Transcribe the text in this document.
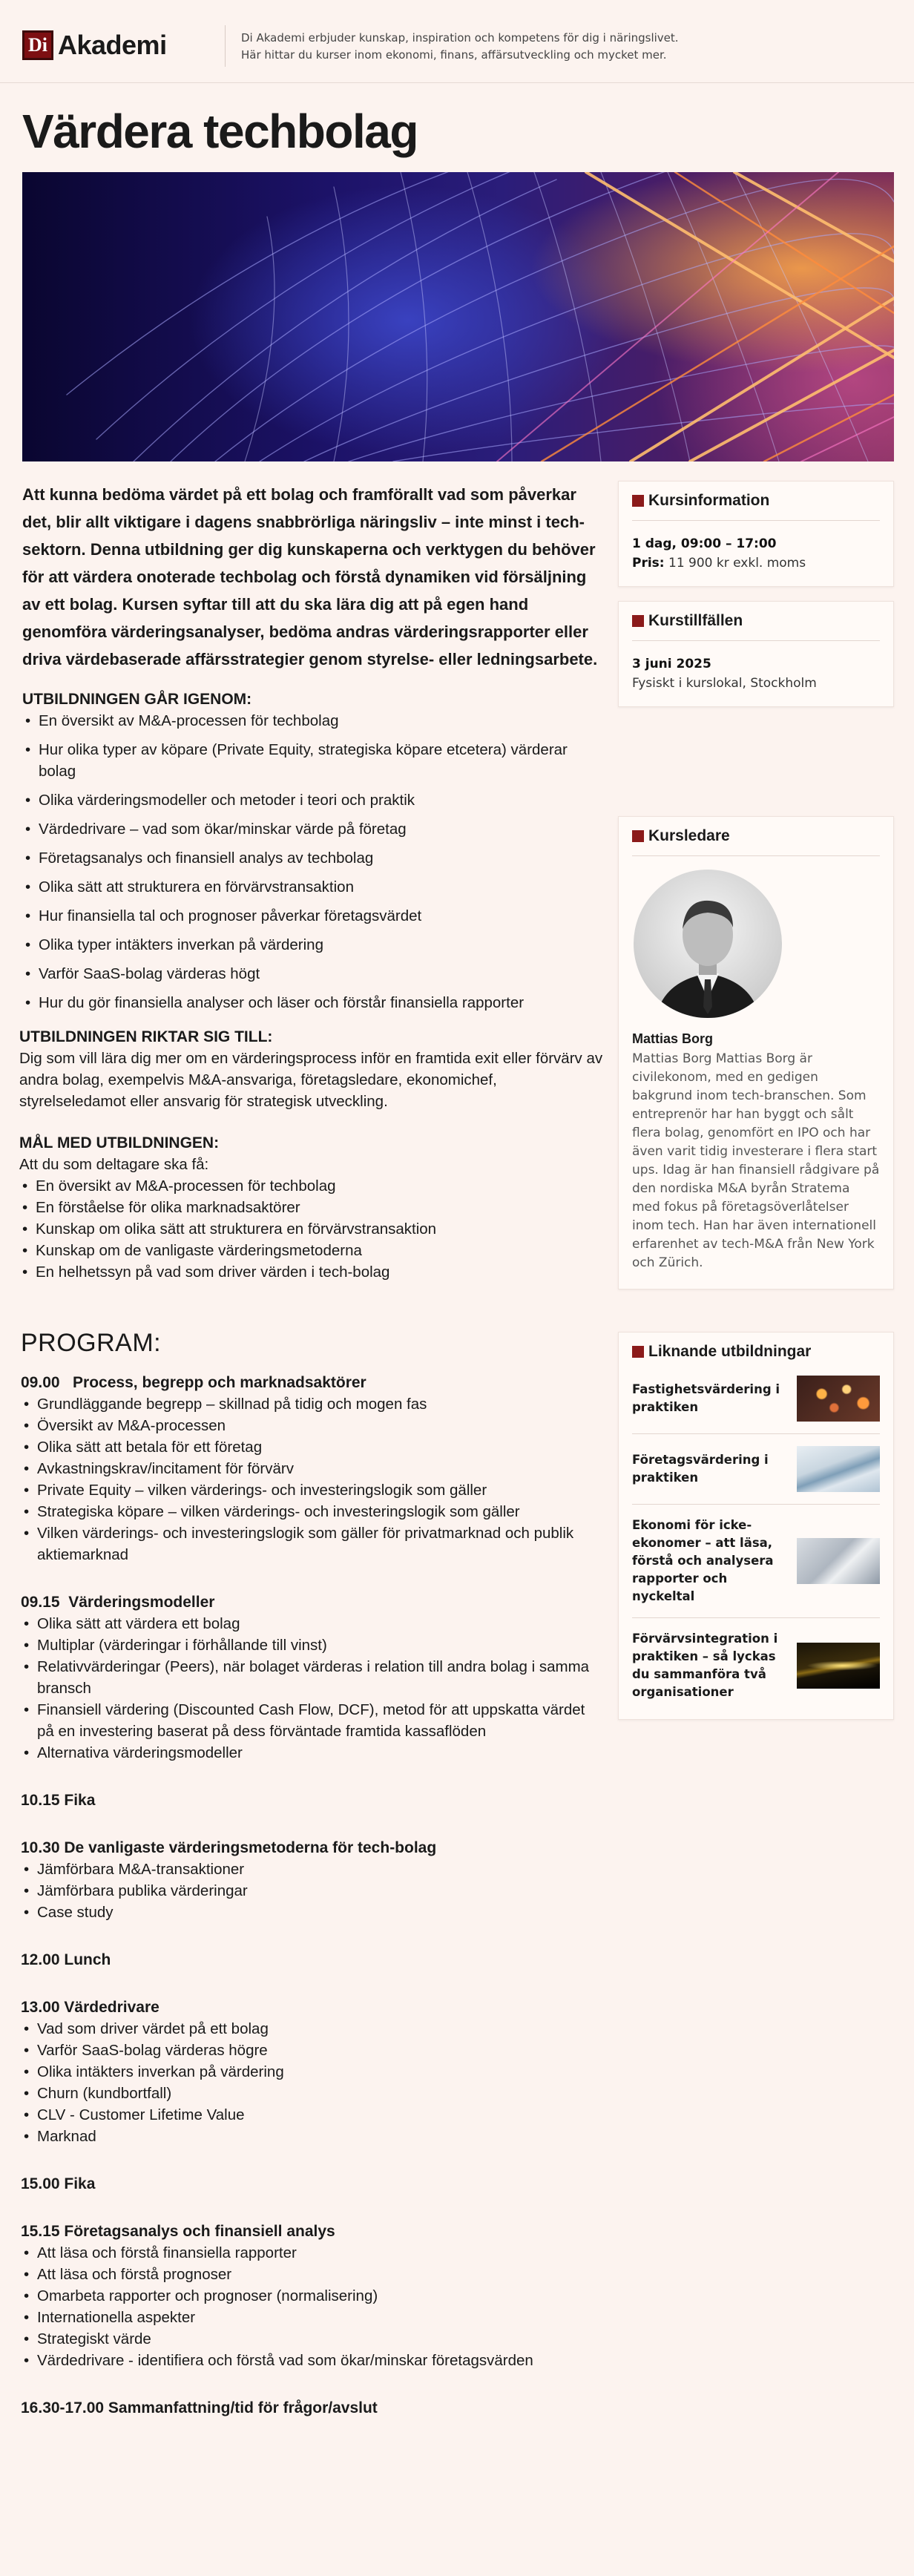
Di Akademi	Di Akademi erbjuder kunskap, inspiration och kompetens för dig i näringslivet.
Här hittar du kurser inom ekonomi, finans, affärsutveckling och mycket mer.
Värdera techbolag

Att kunna bedöma värdet på ett bolag och framförallt vad som påverkar det, blir allt viktigare i dagens snabbrörliga näringsliv – inte minst i tech-sektorn. Denna utbildning ger dig kunskaperna och verktygen du behöver för att värdera onoterade techbolag och förstå dynamiken vid försäljning av ett bolag. Kursen syftar till att du ska lära dig att på egen hand genomföra värderingsanalyser, bedöma andras värderingsrapporter eller driva värdebaserade affärsstrategier genom styrelse- eller ledningsarbete.

UTBILDNINGEN GÅR IGENOM:
• En översikt av M&A-processen för techbolag
• Hur olika typer av köpare (Private Equity, strategiska köpare etcetera) värderar bolag
• Olika värderingsmodeller och metoder i teori och praktik
• Värdedrivare – vad som ökar/minskar värde på företag
• Företagsanalys och finansiell analys av techbolag
• Olika sätt att strukturera en förvärvstransaktion
• Hur finansiella tal och prognoser påverkar företagsvärdet
• Olika typer intäkters inverkan på värdering
• Varför SaaS-bolag värderas högt
• Hur du gör finansiella analyser och läser och förstår finansiella rapporter
UTBILDNINGEN RIKTAR SIG TILL:

Dig som vill lära dig mer om en värderingsprocess inför en framtida exit eller förvärv av andra bolag, exempelvis M&A-ansvariga, företagsledare, ekonomichef, styrelseledamot eller ansvarig för strategisk utveckling.

MÅL MED UTBILDNINGEN:

Att du som deltagare ska få:

• En översikt av M&A-processen för techbolag
• En förståelse för olika marknadsaktörer
• Kunskap om olika sätt att strukturera en förvärvstransaktion
• Kunskap om de vanligaste värderingsmetoderna
• En helhetssyn på vad som driver värden i tech-bolag
PROGRAM:
09.00   Process, begrepp och marknadsaktörer
• Grundläggande begrepp – skillnad på tidig och mogen fas
• Översikt av M&A-processen
• Olika sätt att betala för ett företag
• Avkastningskrav/incitament för förvärv
• Private Equity – vilken värderings- och investeringslogik som gäller
• Strategiska köpare – vilken värderings- och investeringslogik som gäller
• Vilken värderings- och investeringslogik som gäller för privatmarknad och publik aktiemarknad
09.15  Värderingsmodeller
• Olika sätt att värdera ett bolag
• Multiplar (värderingar i förhållande till vinst)
• Relativvärderingar (Peers), när bolaget värderas i relation till andra bolag i samma bransch
• Finansiell värdering (Discounted Cash Flow, DCF), metod för att uppskatta värdet på en investering baserat på dess förväntade framtida kassaflöden
• Alternativa värderingsmodeller
10.15 Fika
10.30 De vanligaste värderingsmetoderna för tech-bolag
• Jämförbara M&A-transaktioner
• Jämförbara publika värderingar
• Case study
12.00 Lunch
13.00 Värdedrivare
• Vad som driver värdet på ett bolag
• Varför SaaS-bolag värderas högre
• Olika intäkters inverkan på värdering
• Churn (kundbortfall)
• CLV - Customer Lifetime Value
• Marknad
15.00 Fika
15.15 Företagsanalys och finansiell analys
• Att läsa och förstå finansiella rapporter
• Att läsa och förstå prognoser
• Omarbeta rapporter och prognoser (normalisering)
• Internationella aspekter
• Strategiskt värde
• Värdedrivare - identifiera och förstå vad som ökar/minskar företagsvärden
16.30-17.00 Sammanfattning/tid för frågor/avslut
Kursinformation
1 dag, 09:00 – 17:00
Pris: 11 900 kr exkl. moms
Kurstillfällen
3 juni 2025
Fysiskt i kurslokal, Stockholm
Kursledare
Mattias Borg
Mattias Borg Mattias Borg är civilekonom, med en gedigen bakgrund inom tech-branschen. Som entreprenör har han byggt och sålt flera bolag, genomfört en IPO och har även varit tidig investerare i flera start ups. Idag är han finansiell rådgivare på den nordiska M&A byrån Stratema med fokus på företagsöverlåtelser inom tech. Han har även internationell erfarenhet av tech-M&A från New York och Zürich.
Liknande utbildningar
Fastighetsvärdering i praktiken
Företagsvärdering i praktiken
Ekonomi för icke-ekonomer – att läsa, förstå och analysera rapporter och nyckeltal
Förvärvsintegration i praktiken – så lyckas du sammanföra två organisationer
